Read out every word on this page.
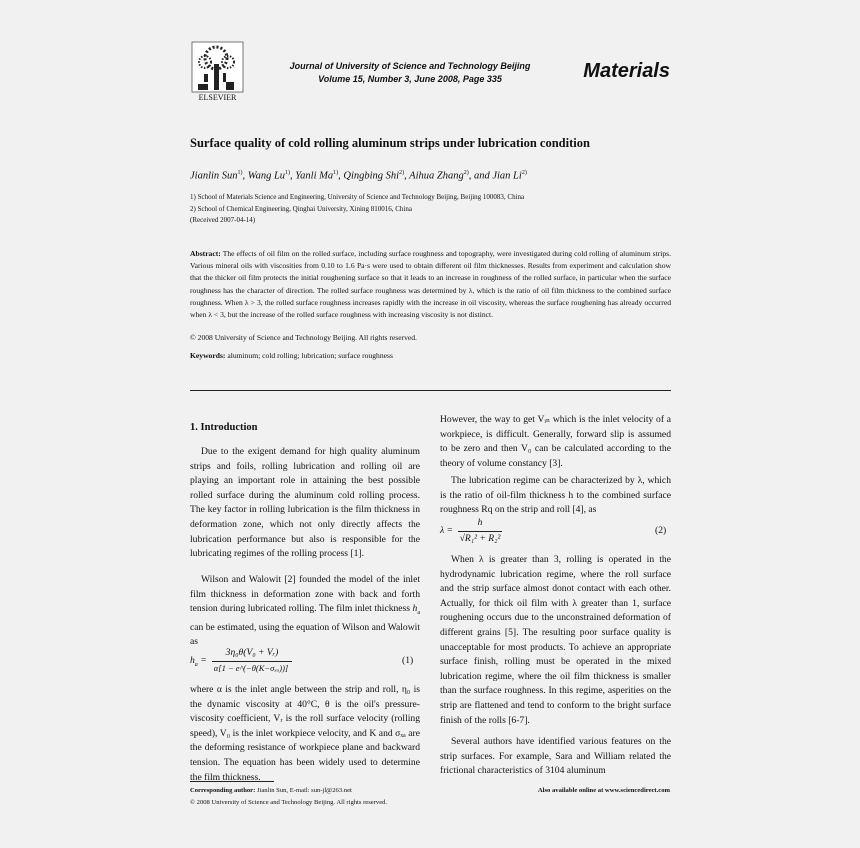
ELSEVIER
Journal of University of Science and Technology Beijing
Volume 15, Number 3, June 2008, Page 335	Materials
Surface quality of cold rolling aluminum strips under lubrication condition
Jianlin Sun$^{1)}$, Wang Lu$^{1)}$, Yanli Ma$^{1)}$, Qingbing Shi$^{2)}$, Aihua Zhang$^{2)}$, and Jian Li$^{2)}$
1) School of Materials Science and Engineering, University of Science and Technology Beijing, Beijing 100083, China
2) School of Chemical Engineering, Qinghai University, Xining 810016, China
(Received 2007-04-14)
Abstract: The effects of oil film on the rolled surface, including surface roughness and topography, were investigated during cold rolling of aluminum strips. Various mineral oils with viscosities from 0.10 to 1.6 Pa·s were used to obtain different oil film thicknesses. Results from experiment and calculation show that the thicker oil film protects the initial roughening surface so that it leads to an increase in roughness of the rolled surface, in particular when the surface roughness has the character of direction. The rolled surface roughness was determined by λ, which is the ratio of oil film thickness to the combined surface roughness. When λ > 3, the rolled surface roughness increases rapidly with the increase in oil viscosity, whereas the surface roughening has already occurred when λ < 3, but the increase of the rolled surface roughness with increasing viscosity is not distinct.
© 2008 University of Science and Technology Beijing. All rights reserved.
Keywords: aluminum; cold rolling; lubrication; surface roughness
1. Introduction

Due to the exigent demand for high quality aluminum strips and foils, rolling lubrication and rolling oil are playing an important role in attaining the best possible rolled surface during the aluminum cold rolling process. The key factor in rolling lubrication is the film thickness in deformation zone, which not only directly affects the lubrication performance but also is responsible for the lubricating regimes of the rolling process [1].

Wilson and Walowit [2] founded the model of the inlet film thickness in deformation zone with back and forth tension during lubricated rolling. The film inlet thickness $h_a$ can be estimated, using the equation of Wilson and Walowit as

$h_a$ =
3η₀θ(V₀ + Vᵣ)
α[1 − e^(−θ(K−σₓₐ))]
(1)

where α is the inlet angle between the strip and roll, η₀ is the dynamic viscosity at 40°C, θ is the oil's pressure-viscosity coefficient, Vᵣ is the roll surface velocity (rolling speed), V₀ is the inlet workpiece velocity, and K and σₓₐ are the deforming resistance of workpiece plane and backward tension. The equation has been widely used to determine the film thickness.

However, the way to get Vᵢₙ which is the inlet velocity of a workpiece, is difficult. Generally, forward slip is assumed to be zero and then V₀ can be calculated according to the theory of volume constancy [3].

The lubrication regime can be characterized by λ, which is the ratio of oil-film thickness h to the combined surface roughness Rq on the strip and roll [4], as

λ =
h
√R₁² + R₂²
(2)

When λ is greater than 3, rolling is operated in the hydrodynamic lubrication regime, where the roll surface and the strip surface almost donot contact with each other. Actually, for thick oil film with λ greater than 1, surface roughening occurs due to the unconstrained deformation of different grains [5]. The resulting poor surface quality is unacceptable for most products. To achieve an appropriate surface finish, rolling must be operated in the mixed lubrication regime, where the oil film thickness is smaller than the surface roughness. In this regime, asperities on the strip are flattened and tend to conform to the bright surface finish of the rolls [6-7].

Several authors have identified various features on the strip surfaces. For example, Sara and William related the frictional characteristics of 3104 aluminum

Corresponding author: Jianlin Sun, E-mail: sun-jl@263.net	Also available online at www.sciencedirect.com
© 2008 University of Science and Technology Beijing. All rights reserved.
